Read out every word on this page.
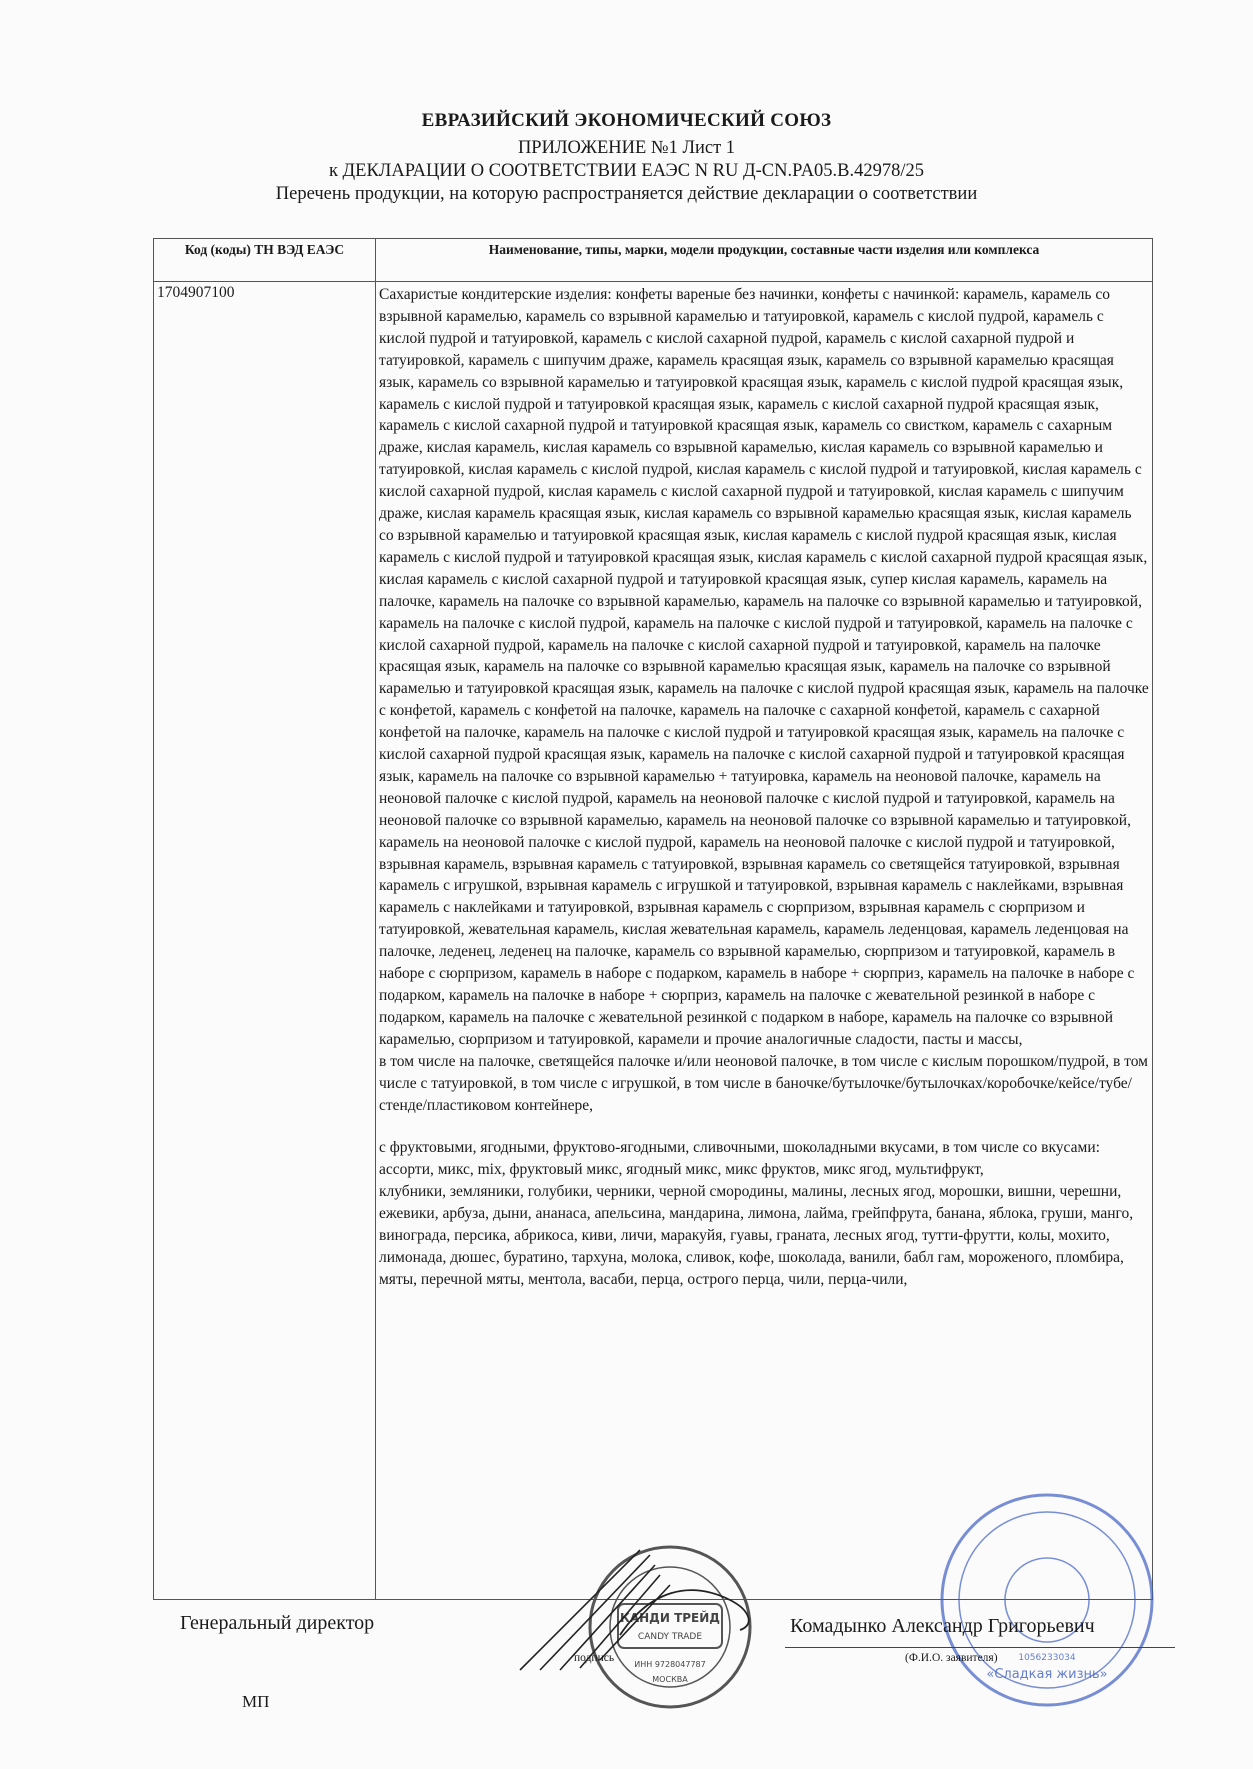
ЕВРАЗИЙСКИЙ ЭКОНОМИЧЕСКИЙ СОЮЗ
ПРИЛОЖЕНИЕ №1 Лист 1
к ДЕКЛАРАЦИИ О СООТВЕТСТВИИ ЕАЭС N RU Д-CN.PA05.B.42978/25
Перечень продукции, на которую распространяется действие декларации о соответствии
Код (коды) ТН ВЭД ЕАЭС	Наименование, типы, марки, модели продукции, составные части изделия или комплекса
1704907100	Сахаристые кондитерские изделия: конфеты вареные без начинки, конфеты с начинкой: карамель, карамель со взрывной карамелью, карамель со взрывной карамелью и татуировкой, карамель с кислой пудрой, карамель с кислой пудрой и татуировкой, карамель с кислой сахарной пудрой, карамель с кислой сахарной пудрой и татуировкой, карамель с шипучим драже, карамель красящая язык, карамель со взрывной карамелью красящая язык, карамель со взрывной карамелью и татуировкой красящая язык, карамель с кислой пудрой красящая язык, карамель с кислой пудрой и татуировкой красящая язык, карамель с кислой сахарной пудрой красящая язык, карамель с кислой сахарной пудрой и татуировкой красящая язык, карамель со свистком, карамель с сахарным драже, кислая карамель, кислая карамель со взрывной карамелью, кислая карамель со взрывной карамелью и татуировкой, кислая карамель с кислой пудрой, кислая карамель с кислой пудрой и татуировкой, кислая карамель с кислой сахарной пудрой, кислая карамель с кислой сахарной пудрой и татуировкой, кислая карамель с шипучим драже, кислая карамель красящая язык, кислая карамель со взрывной карамелью красящая язык, кислая карамель со взрывной карамелью и татуировкой красящая язык, кислая карамель с кислой пудрой красящая язык, кислая карамель с кислой пудрой и татуировкой красящая язык, кислая карамель с кислой сахарной пудрой красящая язык, кислая карамель с кислой сахарной пудрой и татуировкой красящая язык, супер кислая карамель, карамель на палочке, карамель на палочке со взрывной карамелью, карамель на палочке со взрывной карамелью и татуировкой, карамель на палочке с кислой пудрой, карамель на палочке с кислой пудрой и татуировкой, карамель на палочке с кислой сахарной пудрой, карамель на палочке с кислой сахарной пудрой и татуировкой, карамель на палочке красящая язык, карамель на палочке со взрывной карамелью красящая язык, карамель на палочке со взрывной карамелью и татуировкой красящая язык, карамель на палочке с кислой пудрой красящая язык, карамель на палочке с конфетой, карамель с конфетой на палочке, карамель на палочке с сахарной конфетой, карамель с сахарной конфетой на палочке, карамель на палочке с кислой пудрой и татуировкой красящая язык, карамель на палочке с кислой сахарной пудрой красящая язык, карамель на палочке с кислой сахарной пудрой и татуировкой красящая язык, карамель на палочке со взрывной карамелью + татуировка, карамель на неоновой палочке, карамель на неоновой палочке с кислой пудрой, карамель на неоновой палочке с кислой пудрой и татуировкой, карамель на неоновой палочке со взрывной карамелью, карамель на неоновой палочке со взрывной карамелью и татуировкой, карамель на неоновой палочке с кислой пудрой, карамель на неоновой палочке с кислой пудрой и татуировкой, взрывная карамель, взрывная карамель с татуировкой, взрывная карамель со светящейся татуировкой, взрывная карамель с игрушкой, взрывная карамель с игрушкой и татуировкой, взрывная карамель с наклейками, взрывная карамель с наклейками и татуировкой, взрывная карамель с сюрпризом, взрывная карамель с сюрпризом и татуировкой, жевательная карамель, кислая жевательная карамель, карамель леденцовая, карамель леденцовая на палочке, леденец, леденец на палочке, карамель со взрывной карамелью, сюрпризом и татуировкой, карамель в наборе с сюрпризом, карамель в наборе с подарком, карамель в наборе + сюрприз, карамель на палочке в наборе с подарком, карамель на палочке в наборе + сюрприз, карамель на палочке с жевательной резинкой в наборе с подарком, карамель на палочке с жевательной резинкой с подарком в наборе, карамель на палочке со взрывной карамелью, сюрпризом и татуировкой, карамели и прочие аналогичные сладости, пасты и массы,

в том числе на палочке, светящейся палочке и/или неоновой палочке, в том числе с кислым порошком/пудрой, в том числе с татуировкой, в том числе с игрушкой, в том числе в баночке/бутылочке/бутылочках/коробочке/кейсе/тубе/стенде/пластиковом контейнере,

с фруктовыми, ягодными, фруктово-ягодными, сливочными, шоколадными вкусами, в том числе со вкусами: ассорти, микс, mix, фруктовый микс, ягодный микс, микс фруктов, микс ягод, мультифрукт,

клубники, земляники, голубики, черники, черной смородины, малины, лесных ягод, морошки, вишни, черешни, ежевики, арбуза, дыни, ананаса, апельсина, мандарина, лимона, лайма, грейпфрута, банана, яблока, груши, манго, винограда, персика, абрикоса, киви, личи, маракуйя, гуавы, граната, лесных ягод, тутти-фрутти, колы, мохито, лимонада, дюшес, буратино, тархуна, молока, сливок, кофе, шоколада, ванили, бабл гам, мороженого, пломбира, мяты, перечной мяты, ментола, васаби, перца, острого перца, чили, перца-чили,

КАНДИ ТРЕЙД
CANDY TRADE
ИНН 9728047787
МОСКВА	«Сладкая жизнь»
1056233034
Генеральный директор
подпись
Комадынко Александр Григорьевич
(Ф.И.О. заявителя)
МП
